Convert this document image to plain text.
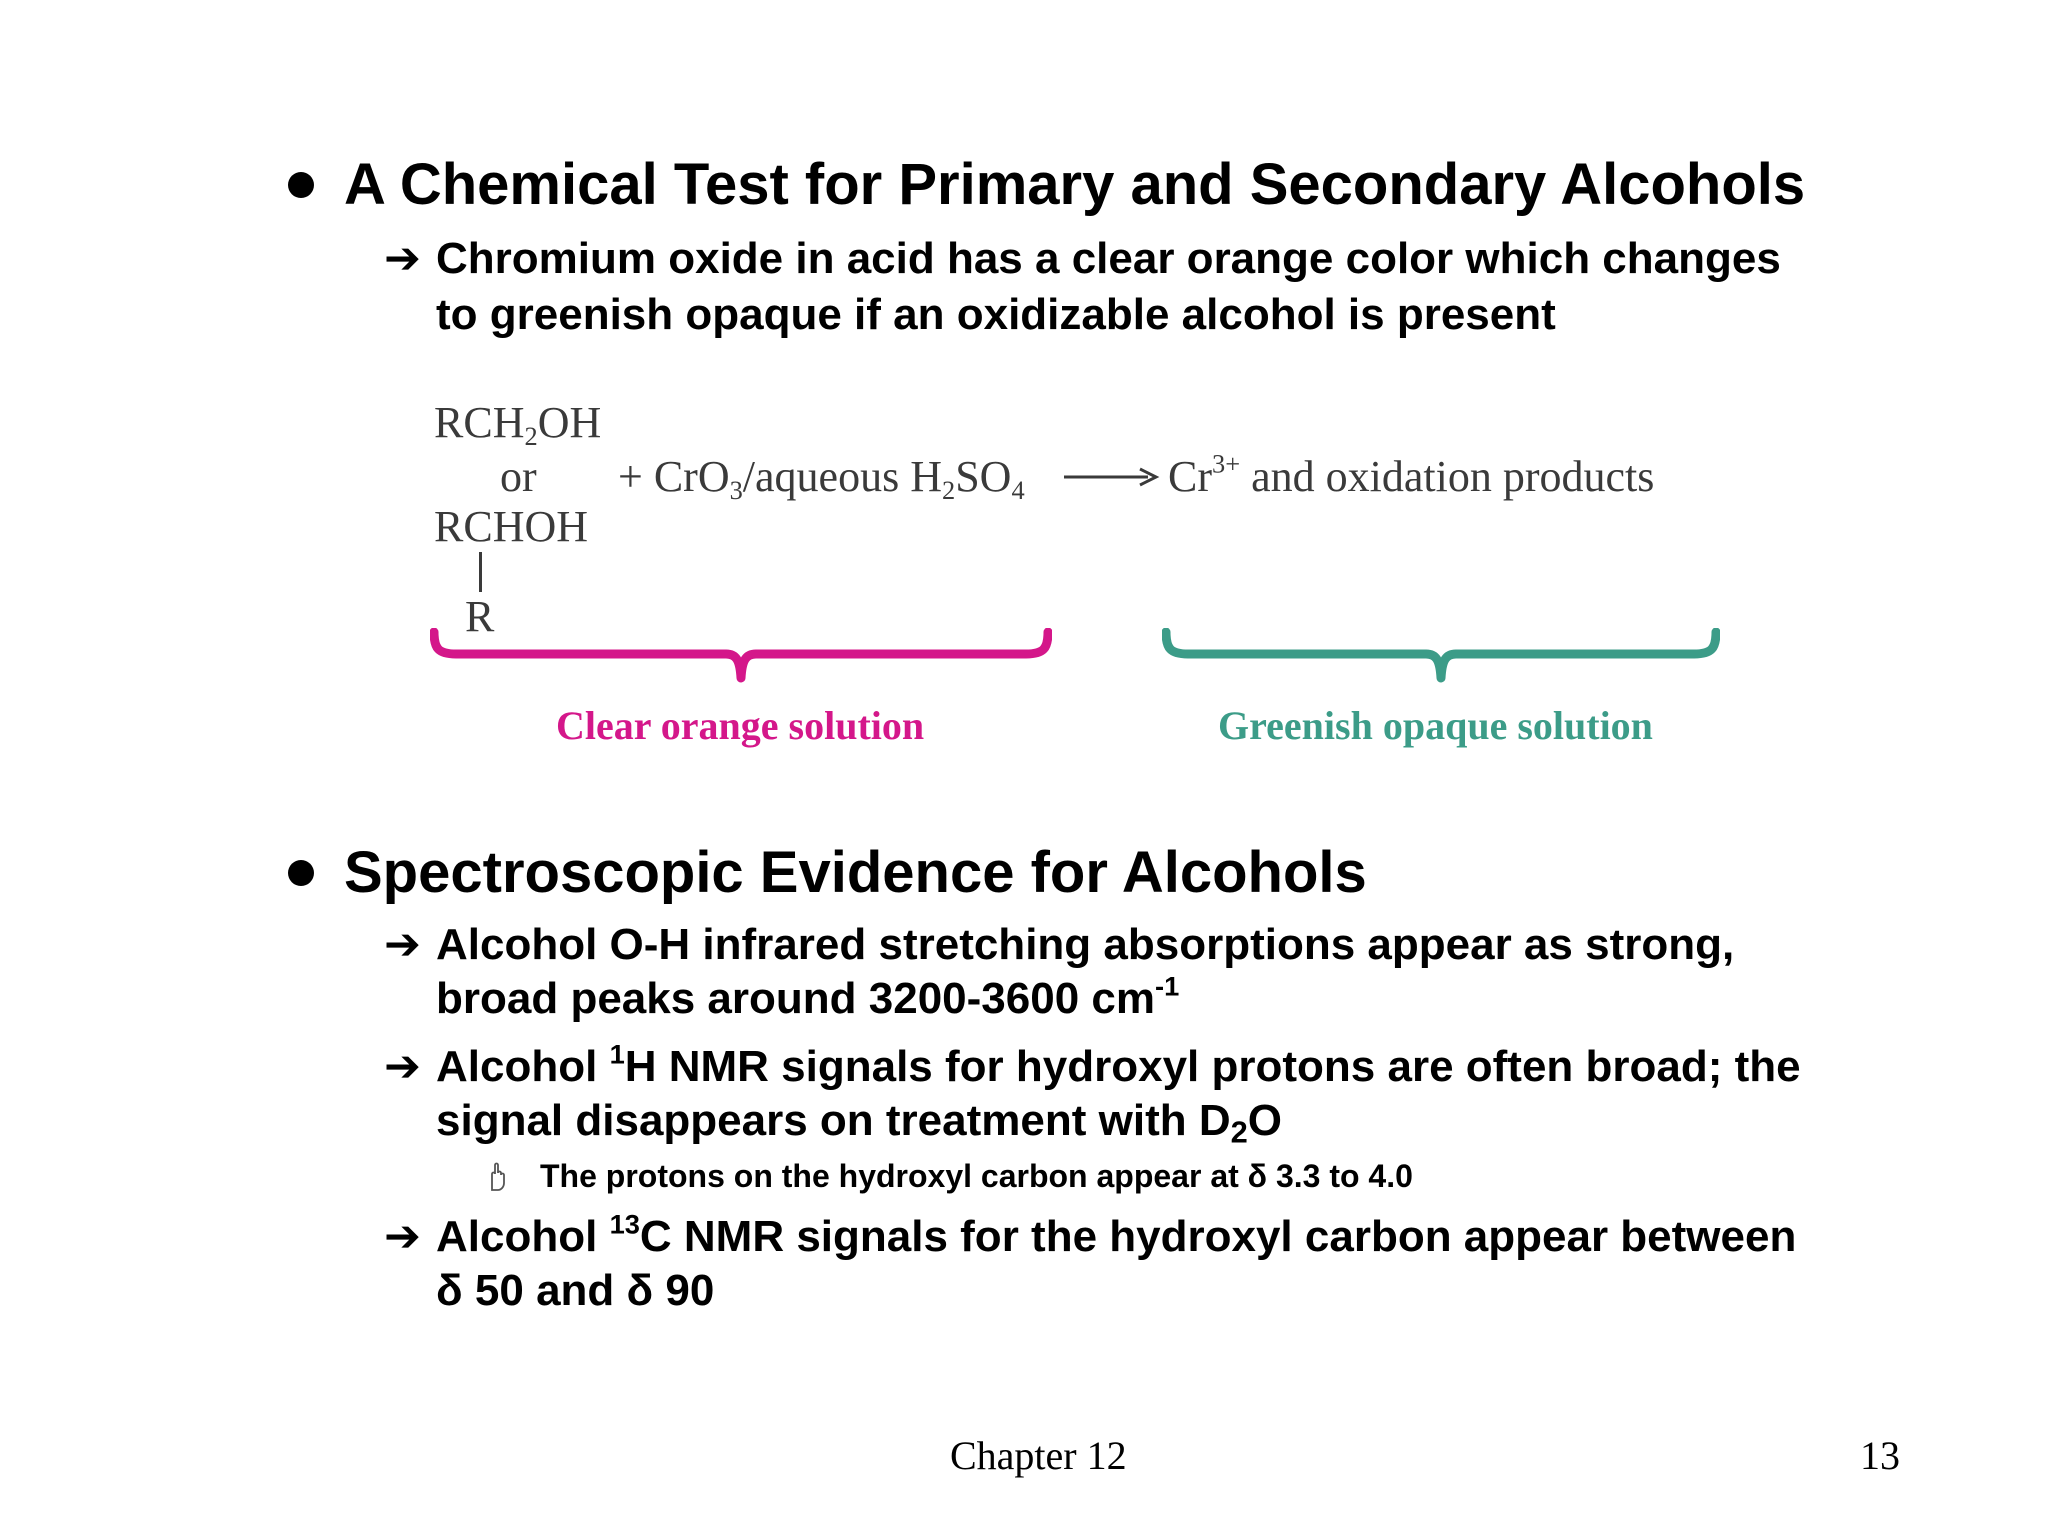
A Chemical Test for Primary and Secondary Alcohols
➔ Chromium oxide in acid has a clear orange color which changes
to greenish opaque if an oxidizable alcohol is present
$RCH_2OH$
or
RCHOH
R
+ CrO$_3$/aqueous $H_2SO_4$	$Cr^{3+}$ and oxidation products
Clear orange solution	Greenish opaque solution
Spectroscopic Evidence for Alcohols
➔ Alcohol O-H infrared stretching absorptions appear as strong,
broad peaks around 3200-3600 $cm^{-1}$
➔ Alcohol $^1$H NMR signals for hydroxyl protons are often broad; the
signal disappears on treatment with $D_2O$
The protons on the hydroxyl carbon appear at δ 3.3 to 4.0
➔ Alcohol $^{13}$C NMR signals for the hydroxyl carbon appear between
δ 50 and δ 90
Chapter 12	13
